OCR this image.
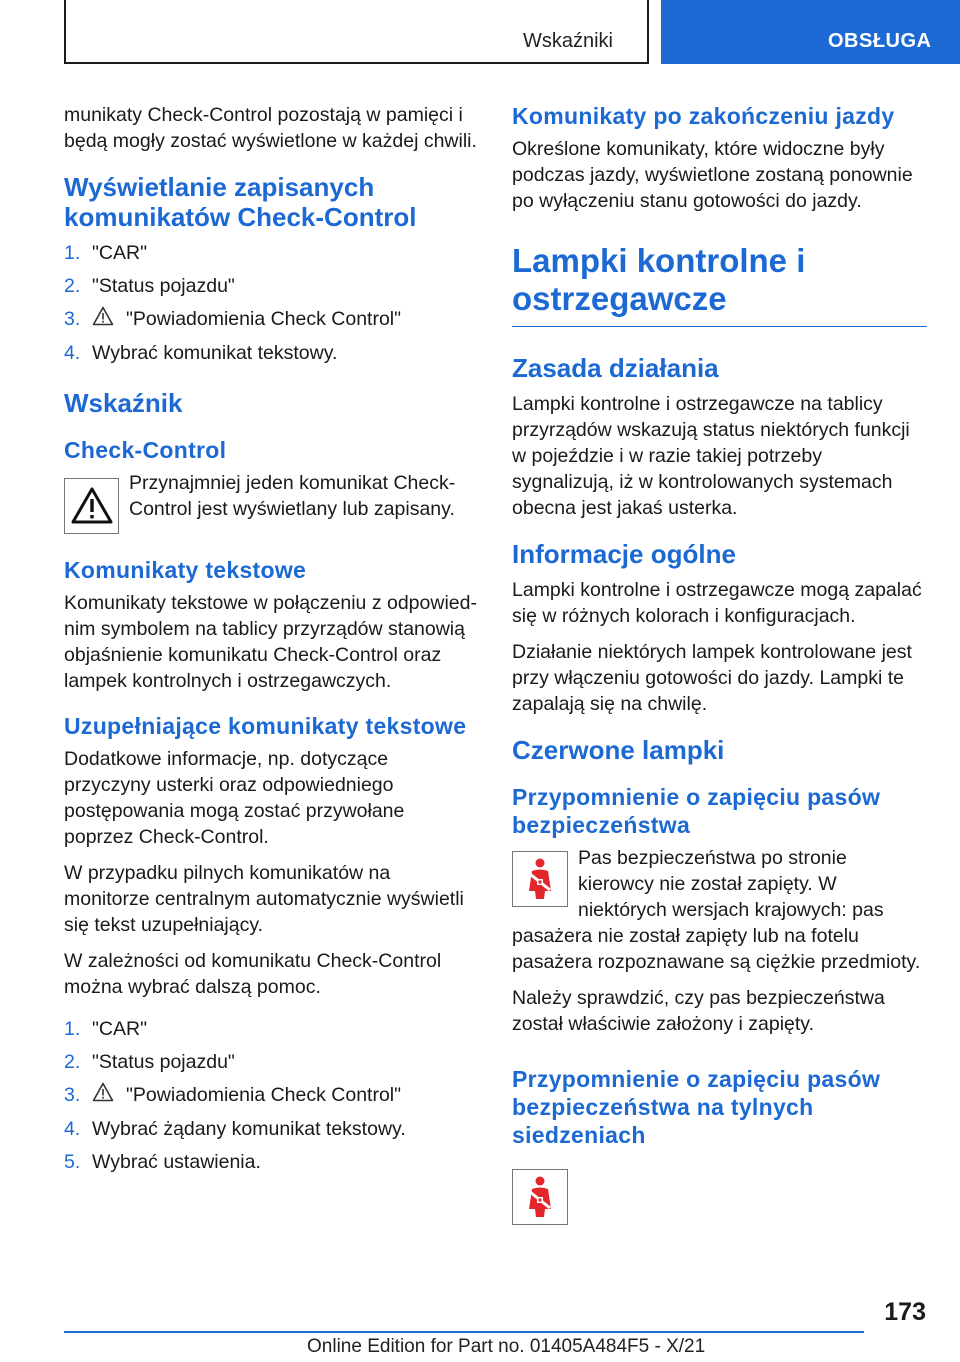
Wskaźniki	OBSŁUGA

munikaty Check-Control pozostają w pamięci i będą mogły zostać wyświetlone w każdej chwili.

Wyświetlanie zapisanych komunikatów Check-Control
1. "CAR"
2. "Status pojazdu"
3.	"Powiadomienia Check Control"
4. Wybrać komunikat tekstowy.
Wskaźnik
Check-Control

Przynajmniej jeden komunikat Check-Control jest wyświetlany lub zapisany.

Komunikaty tekstowe

Komunikaty tekstowe w połączeniu z odpowiednim symbolem na tablicy przyrządów stanowią objaśnienie komunikatu Check-Control oraz lampek kontrolnych i ostrzegawczych.

Uzupełniające komunikaty tekstowe

Dodatkowe informacje, np. dotyczące przyczyny usterki oraz odpowiedniego postępowania mogą zostać przywołane poprzez Check-Control.

W przypadku pilnych komunikatów na monitorze centralnym automatycznie wyświetli się tekst uzupełniający.

W zależności od komunikatu Check-Control można wybrać dalszą pomoc.

1. "CAR"
2. "Status pojazdu"
3.	"Powiadomienia Check Control"
4. Wybrać żądany komunikat tekstowy.
5. Wybrać ustawienia.
Komunikaty po zakończeniu jazdy

Określone komunikaty, które widoczne były podczas jazdy, wyświetlone zostaną ponownie po wyłączeniu stanu gotowości do jazdy.

Lampki kontrolne i ostrzegawcze
Zasada działania

Lampki kontrolne i ostrzegawcze na tablicy przyrządów wskazują status niektórych funkcji w pojeździe i w razie takiej potrzeby sygnalizują, iż w kontrolowanych systemach obecna jest jakaś usterka.

Informacje ogólne

Lampki kontrolne i ostrzegawcze mogą zapalać się w różnych kolorach i konfiguracjach.

Działanie niektórych lampek kontrolowane jest przy włączeniu gotowości do jazdy. Lampki te zapalają się na chwilę.

Czerwone lampki
Przypomnienie o zapięciu pasów bezpieczeństwa

Pas bezpieczeństwa po stronie kierowcy nie został zapięty. W niektórych wersjach krajowych: pas pasażera nie został zapięty lub na fotelu pasażera rozpoznawane są ciężkie przedmioty.

Należy sprawdzić, czy pas bezpieczeństwa został właściwie założony i zapięty.

Przypomnienie o zapięciu pasów bezpieczeństwa na tylnych siedzeniach
173
Online Edition for Part no. 01405A484F5 - X/21
